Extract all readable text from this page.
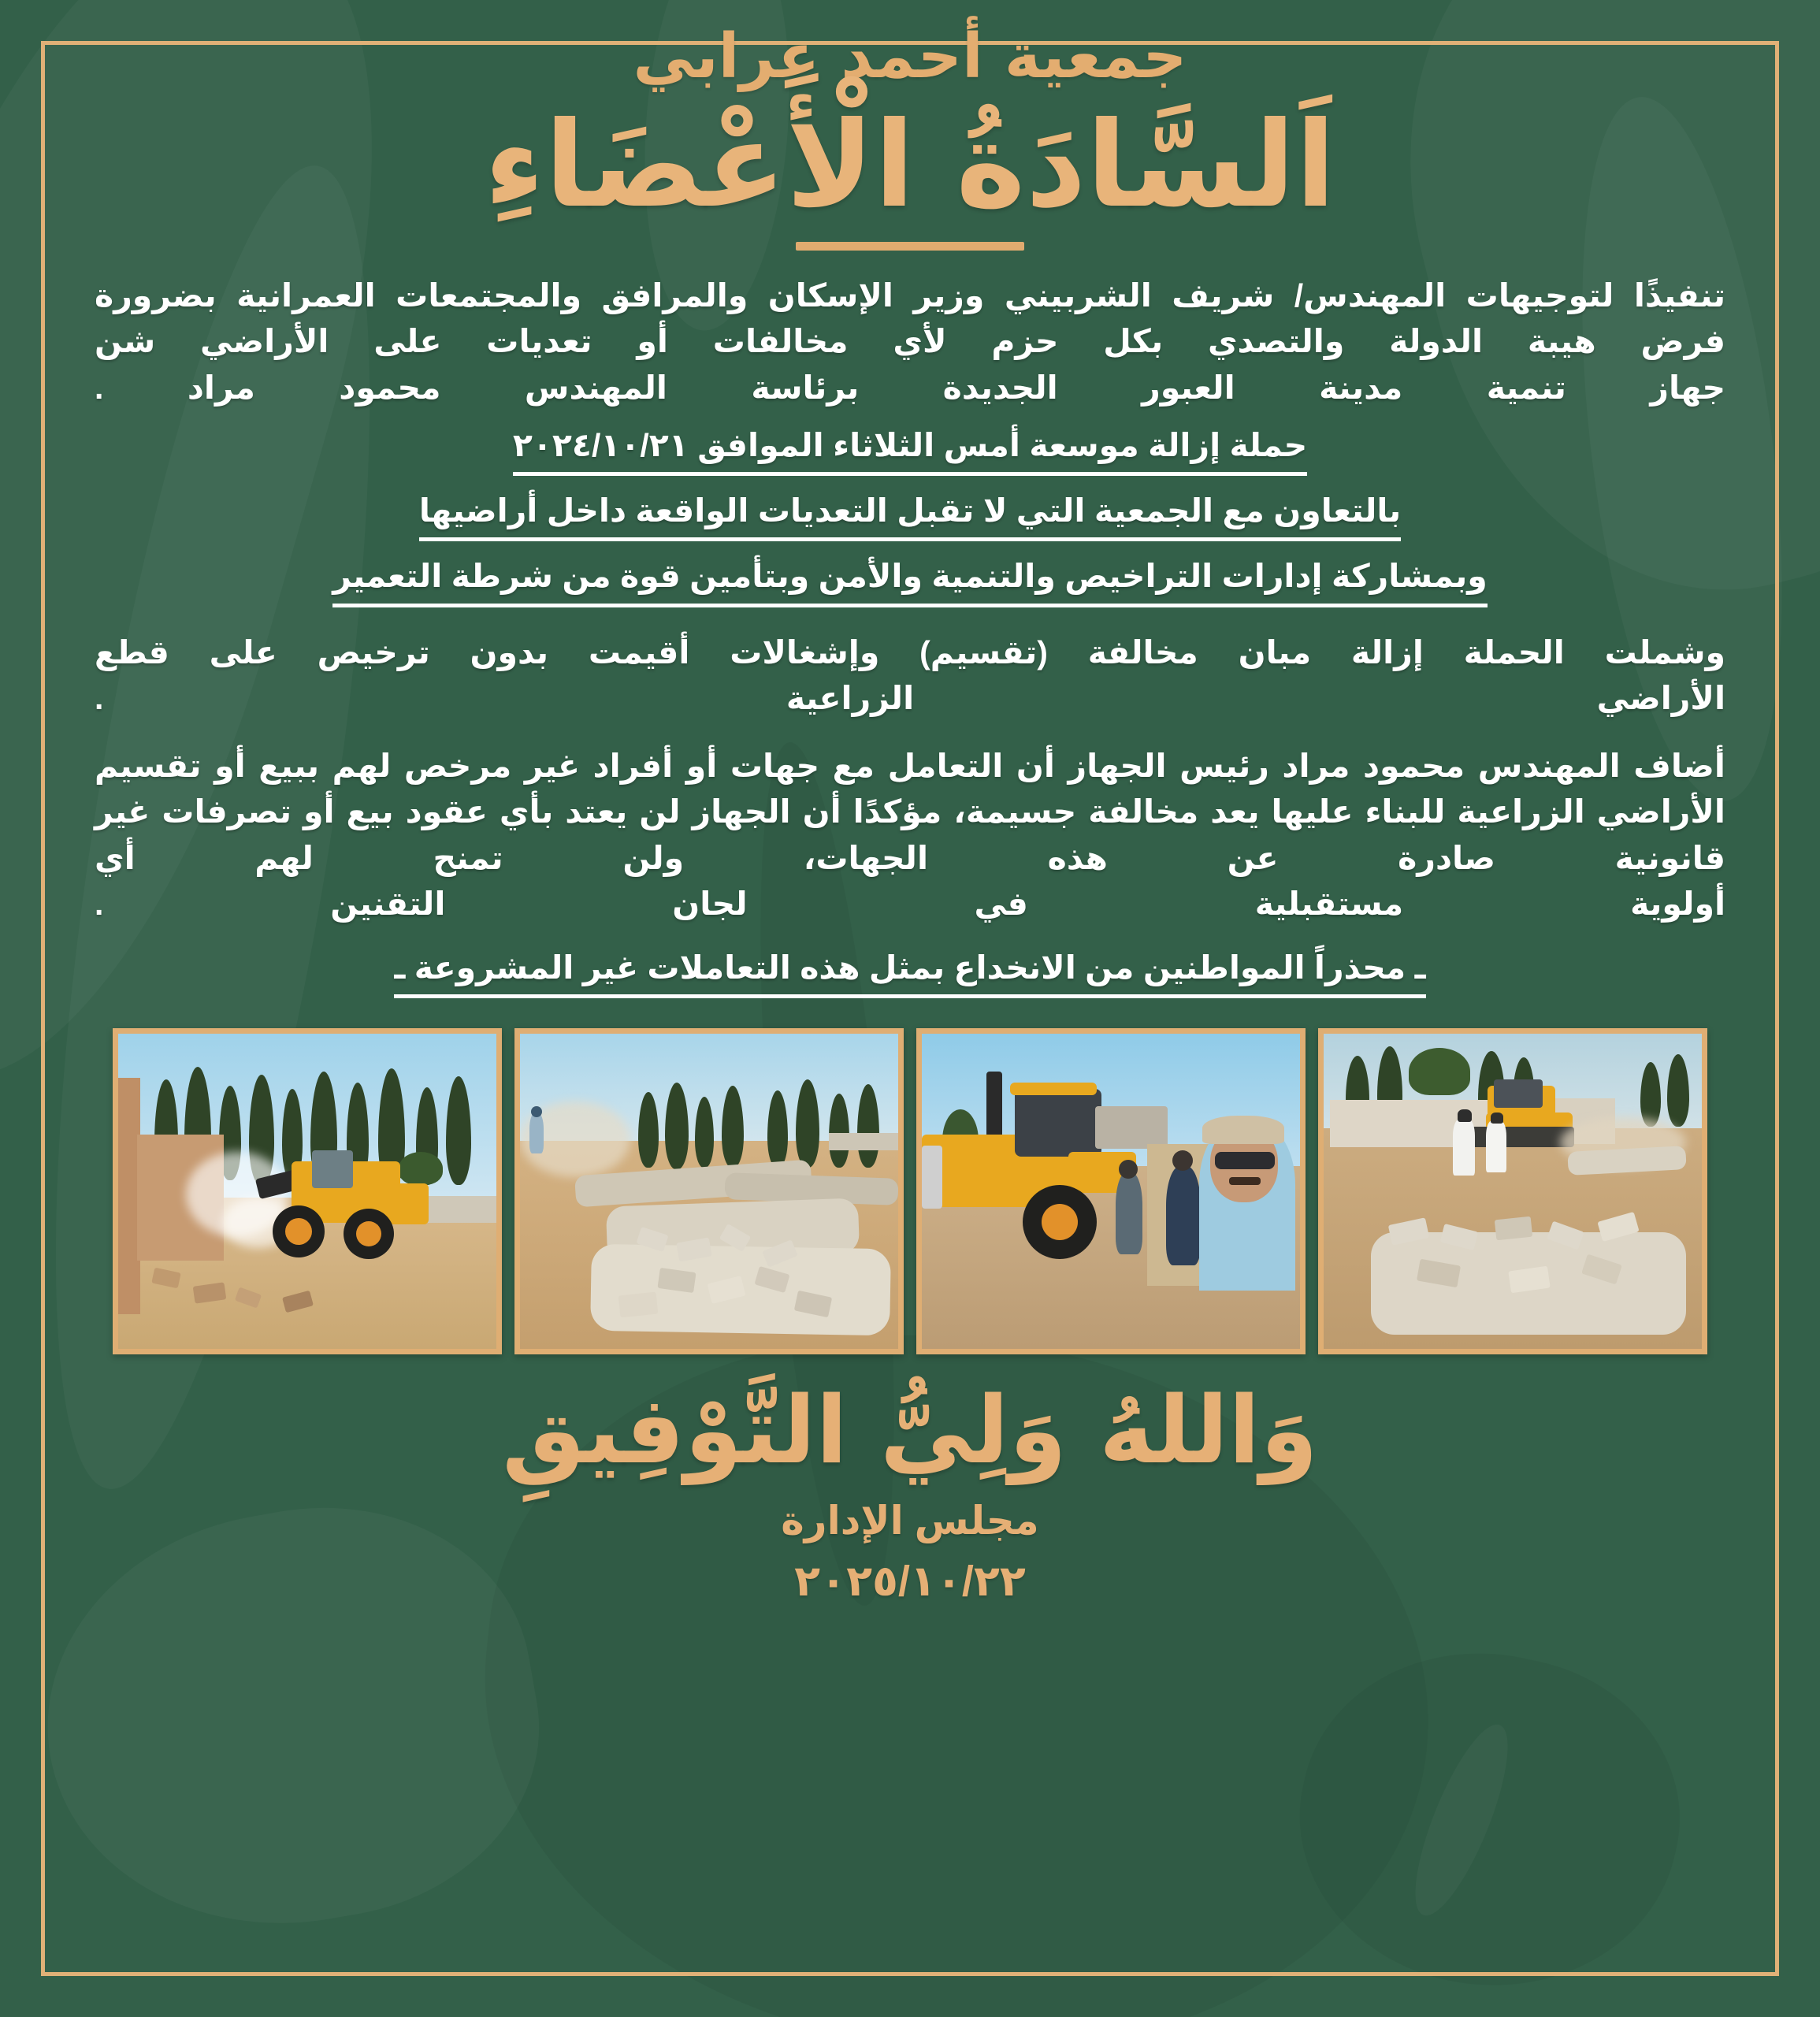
جمعية أحمد عرابي
اَلسَّادَةُ الْأَعْضَاءِ
تنفيذًا لتوجيهات المهندس/ شريف الشربيني وزير الإسكان والمرافق والمجتمعات العمرانية بضرورة فرض هيبة الدولة والتصدي بكل حزم لأي مخالفات أو تعديات على الأراضي شن
جهاز تنمية مدينة العبور الجديدة برئاسة المهندس محمود مراد .
حملة إزالة موسعة أمس الثلاثاء الموافق ٢٠٢٤/١٠/٢١
بالتعاون مع الجمعية التي لا تقبل التعديات الواقعة داخل أراضيها
وبمشاركة إدارات التراخيص والتنمية والأمن وبتأمين قوة من شرطة التعمير
وشملت الحملة إزالة مبان مخالفة (تقسيم) وإشغالات أقيمت بدون ترخيص على قطع
الأراضي الزراعية .
أضاف المهندس محمود مراد رئيس الجهاز أن التعامل مع جهات أو أفراد غير مرخص لهم ببيع أو تقسيم الأراضي الزراعية للبناء عليها يعد مخالفة جسيمة، مؤكدًا أن الجهاز لن يعتد بأي عقود بيع أو تصرفات غير قانونية صادرة عن هذه الجهات، ولن تمنح لهم أي
أولوية مستقبلية في لجان التقنين .
ـ محذراً المواطنين من الانخداع بمثل هذه التعاملات غير المشروعة ـ
وَاللهُ وَلِيُّ التَّوْفِيقِ
مجلس الإدارة
٢٠٢٥/١٠/٢٢
